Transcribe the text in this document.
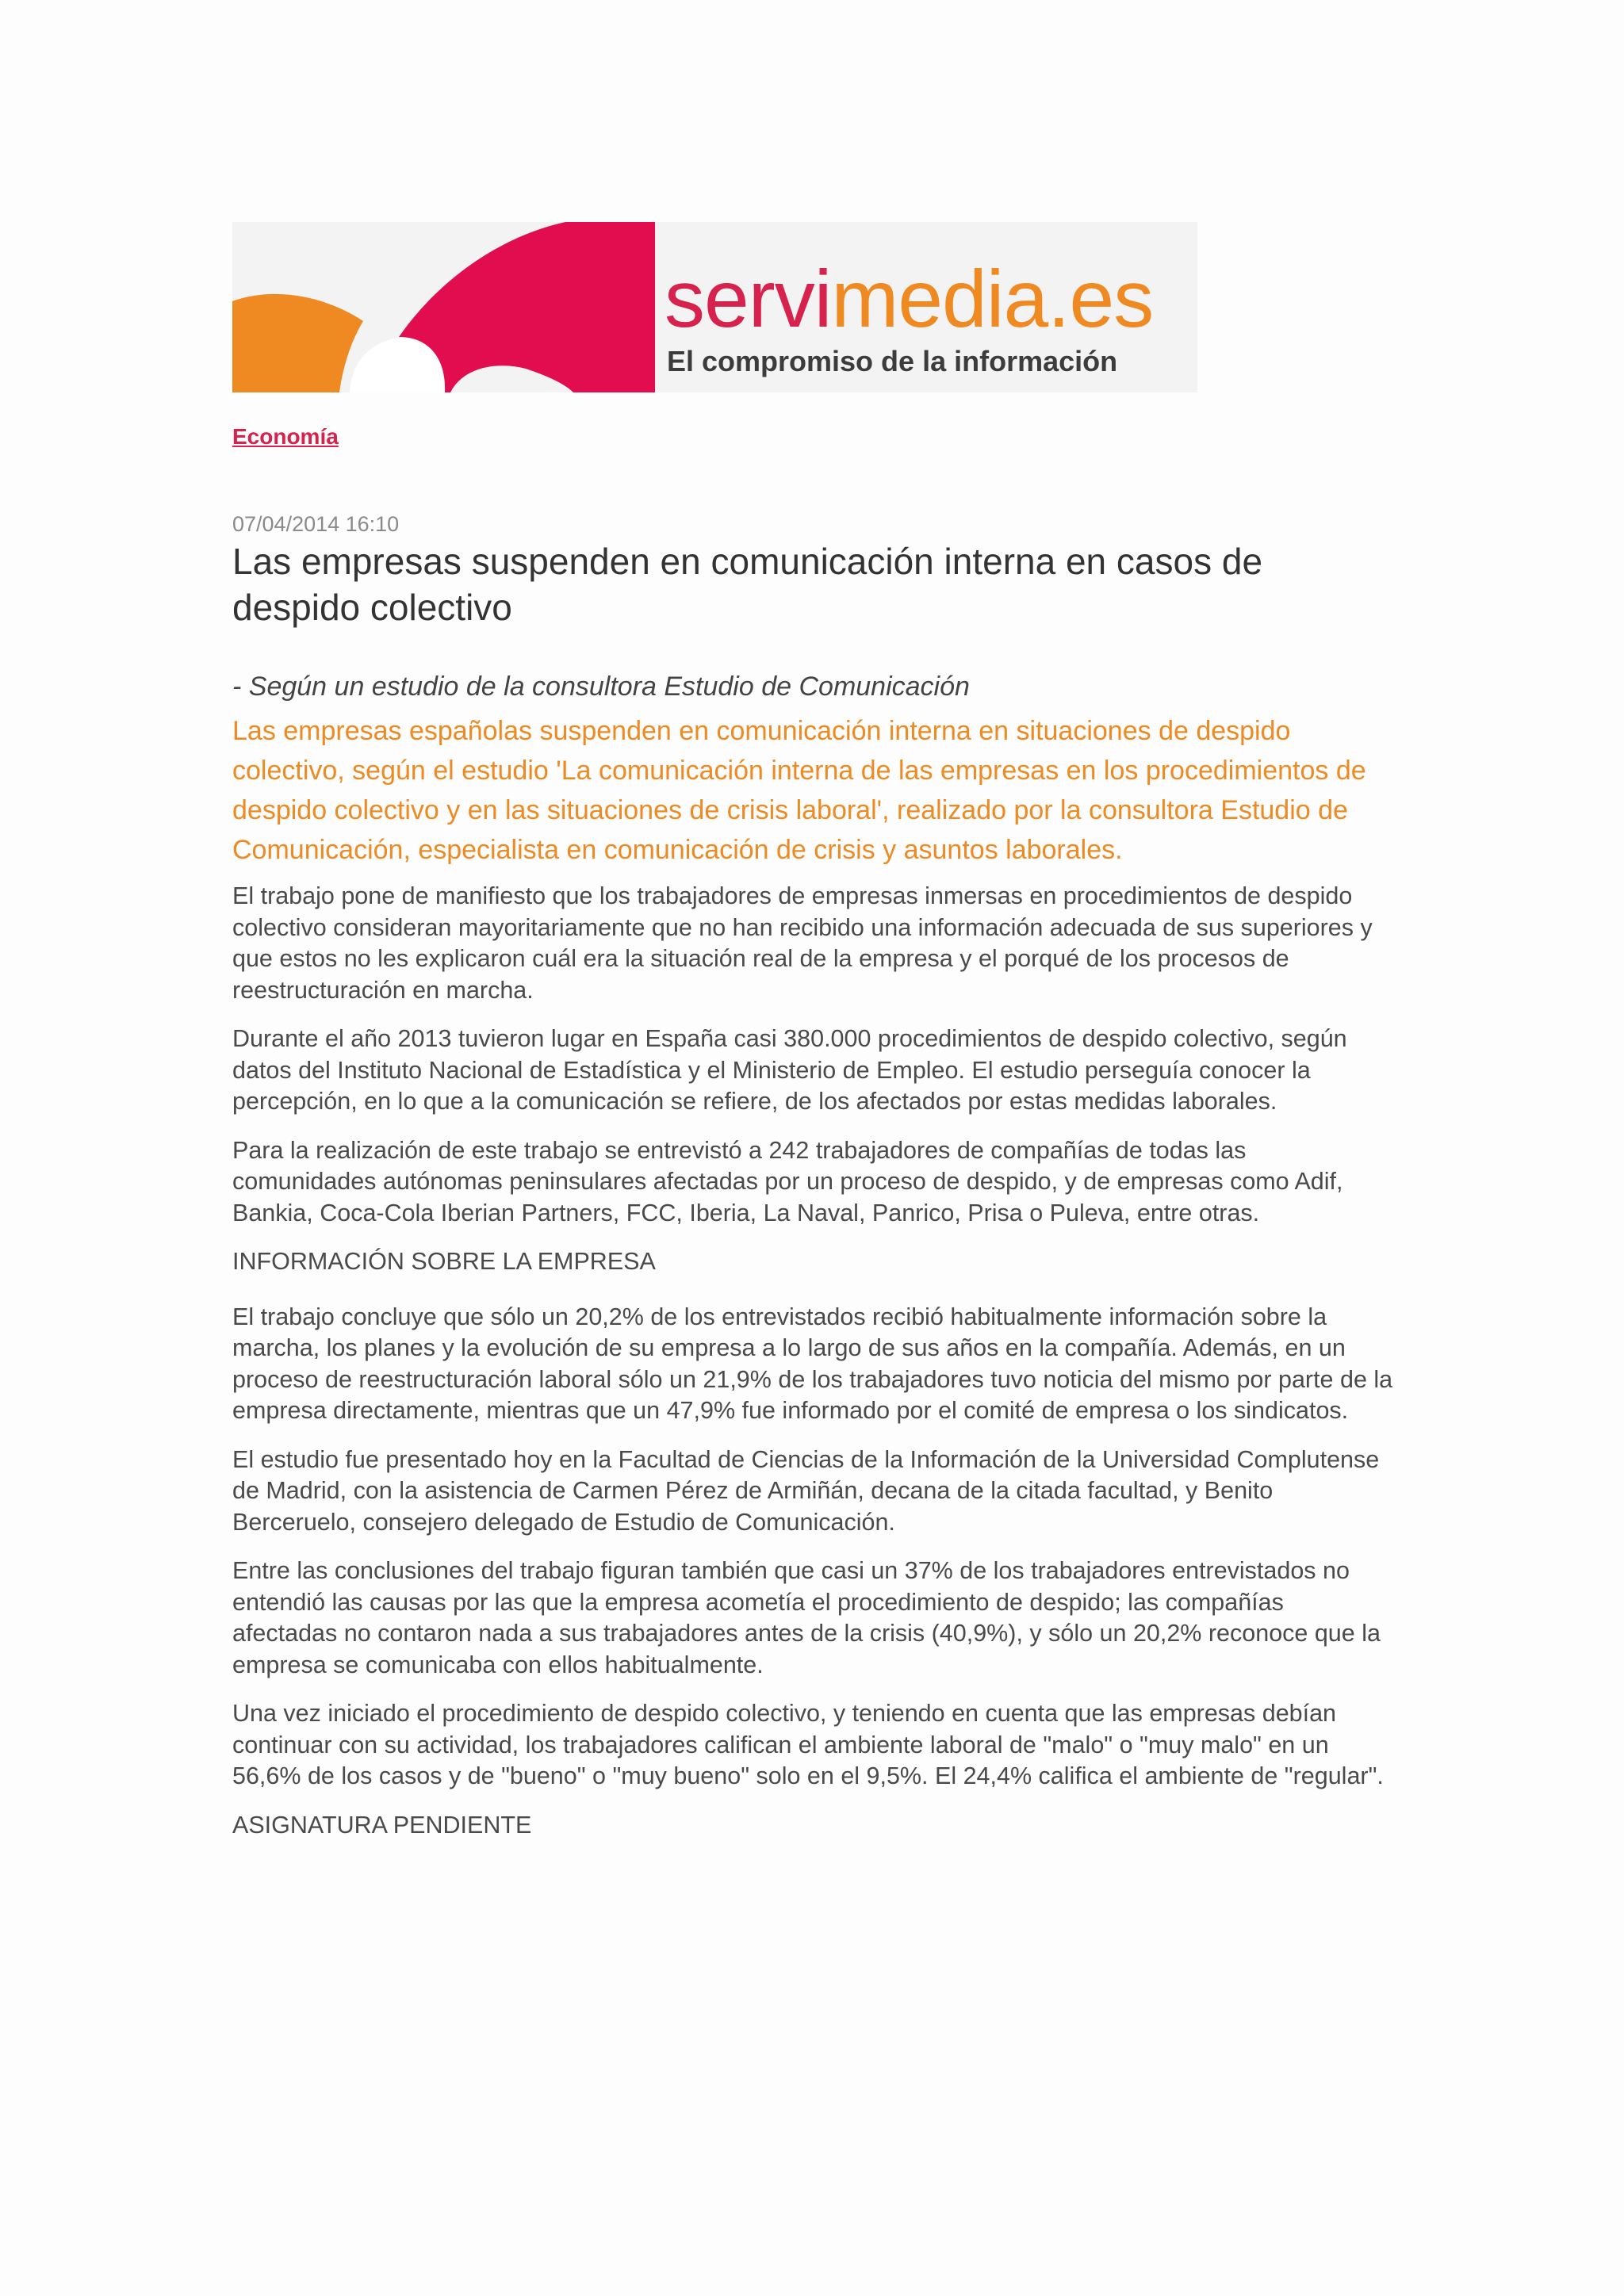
servimedia.es
El compromiso de la información
Economía

07/04/2014 16:10

Las empresas suspenden en comunicación interna en casos de despido colectivo

- Según un estudio de la consultora Estudio de Comunicación

Las empresas españolas suspenden en comunicación interna en situaciones de despido colectivo, según el estudio 'La comunicación interna de las empresas en los procedimientos de despido colectivo y en las situaciones de crisis laboral', realizado por la consultora Estudio de Comunicación, especialista en comunicación de crisis y asuntos laborales.

El trabajo pone de manifiesto que los trabajadores de empresas inmersas en procedimientos de despido colectivo consideran mayoritariamente que no han recibido una información adecuada de sus superiores y que estos no les explicaron cuál era la situación real de la empresa y el porqué de los procesos de reestructuración en marcha.

Durante el año 2013 tuvieron lugar en España casi 380.000 procedimientos de despido colectivo, según datos del Instituto Nacional de Estadística y el Ministerio de Empleo. El estudio perseguía conocer la percepción, en lo que a la comunicación se refiere, de los afectados por estas medidas laborales.

Para la realización de este trabajo se entrevistó a 242 trabajadores de compañías de todas las comunidades autónomas peninsulares afectadas por un proceso de despido, y de empresas como Adif, Bankia, Coca-Cola Iberian Partners, FCC, Iberia, La Naval, Panrico, Prisa o Puleva, entre otras.

INFORMACIÓN SOBRE LA EMPRESA

El trabajo concluye que sólo un 20,2% de los entrevistados recibió habitualmente información sobre la marcha, los planes y la evolución de su empresa a lo largo de sus años en la compañía. Además, en un proceso de reestructuración laboral sólo un 21,9% de los trabajadores tuvo noticia del mismo por parte de la empresa directamente, mientras que un 47,9% fue informado por el comité de empresa o los sindicatos.

El estudio fue presentado hoy en la Facultad de Ciencias de la Información de la Universidad Complutense de Madrid, con la asistencia de Carmen Pérez de Armiñán, decana de la citada facultad, y Benito Berceruelo, consejero delegado de Estudio de Comunicación.

Entre las conclusiones del trabajo figuran también que casi un 37% de los trabajadores entrevistados no entendió las causas por las que la empresa acometía el procedimiento de despido; las compañías afectadas no contaron nada a sus trabajadores antes de la crisis (40,9%), y sólo un 20,2% reconoce que la empresa se comunicaba con ellos habitualmente.

Una vez iniciado el procedimiento de despido colectivo, y teniendo en cuenta que las empresas debían continuar con su actividad, los trabajadores califican el ambiente laboral de "malo" o "muy malo" en un 56,6% de los casos y de "bueno" o "muy bueno" solo en el 9,5%. El 24,4% califica el ambiente de "regular".

ASIGNATURA PENDIENTE
